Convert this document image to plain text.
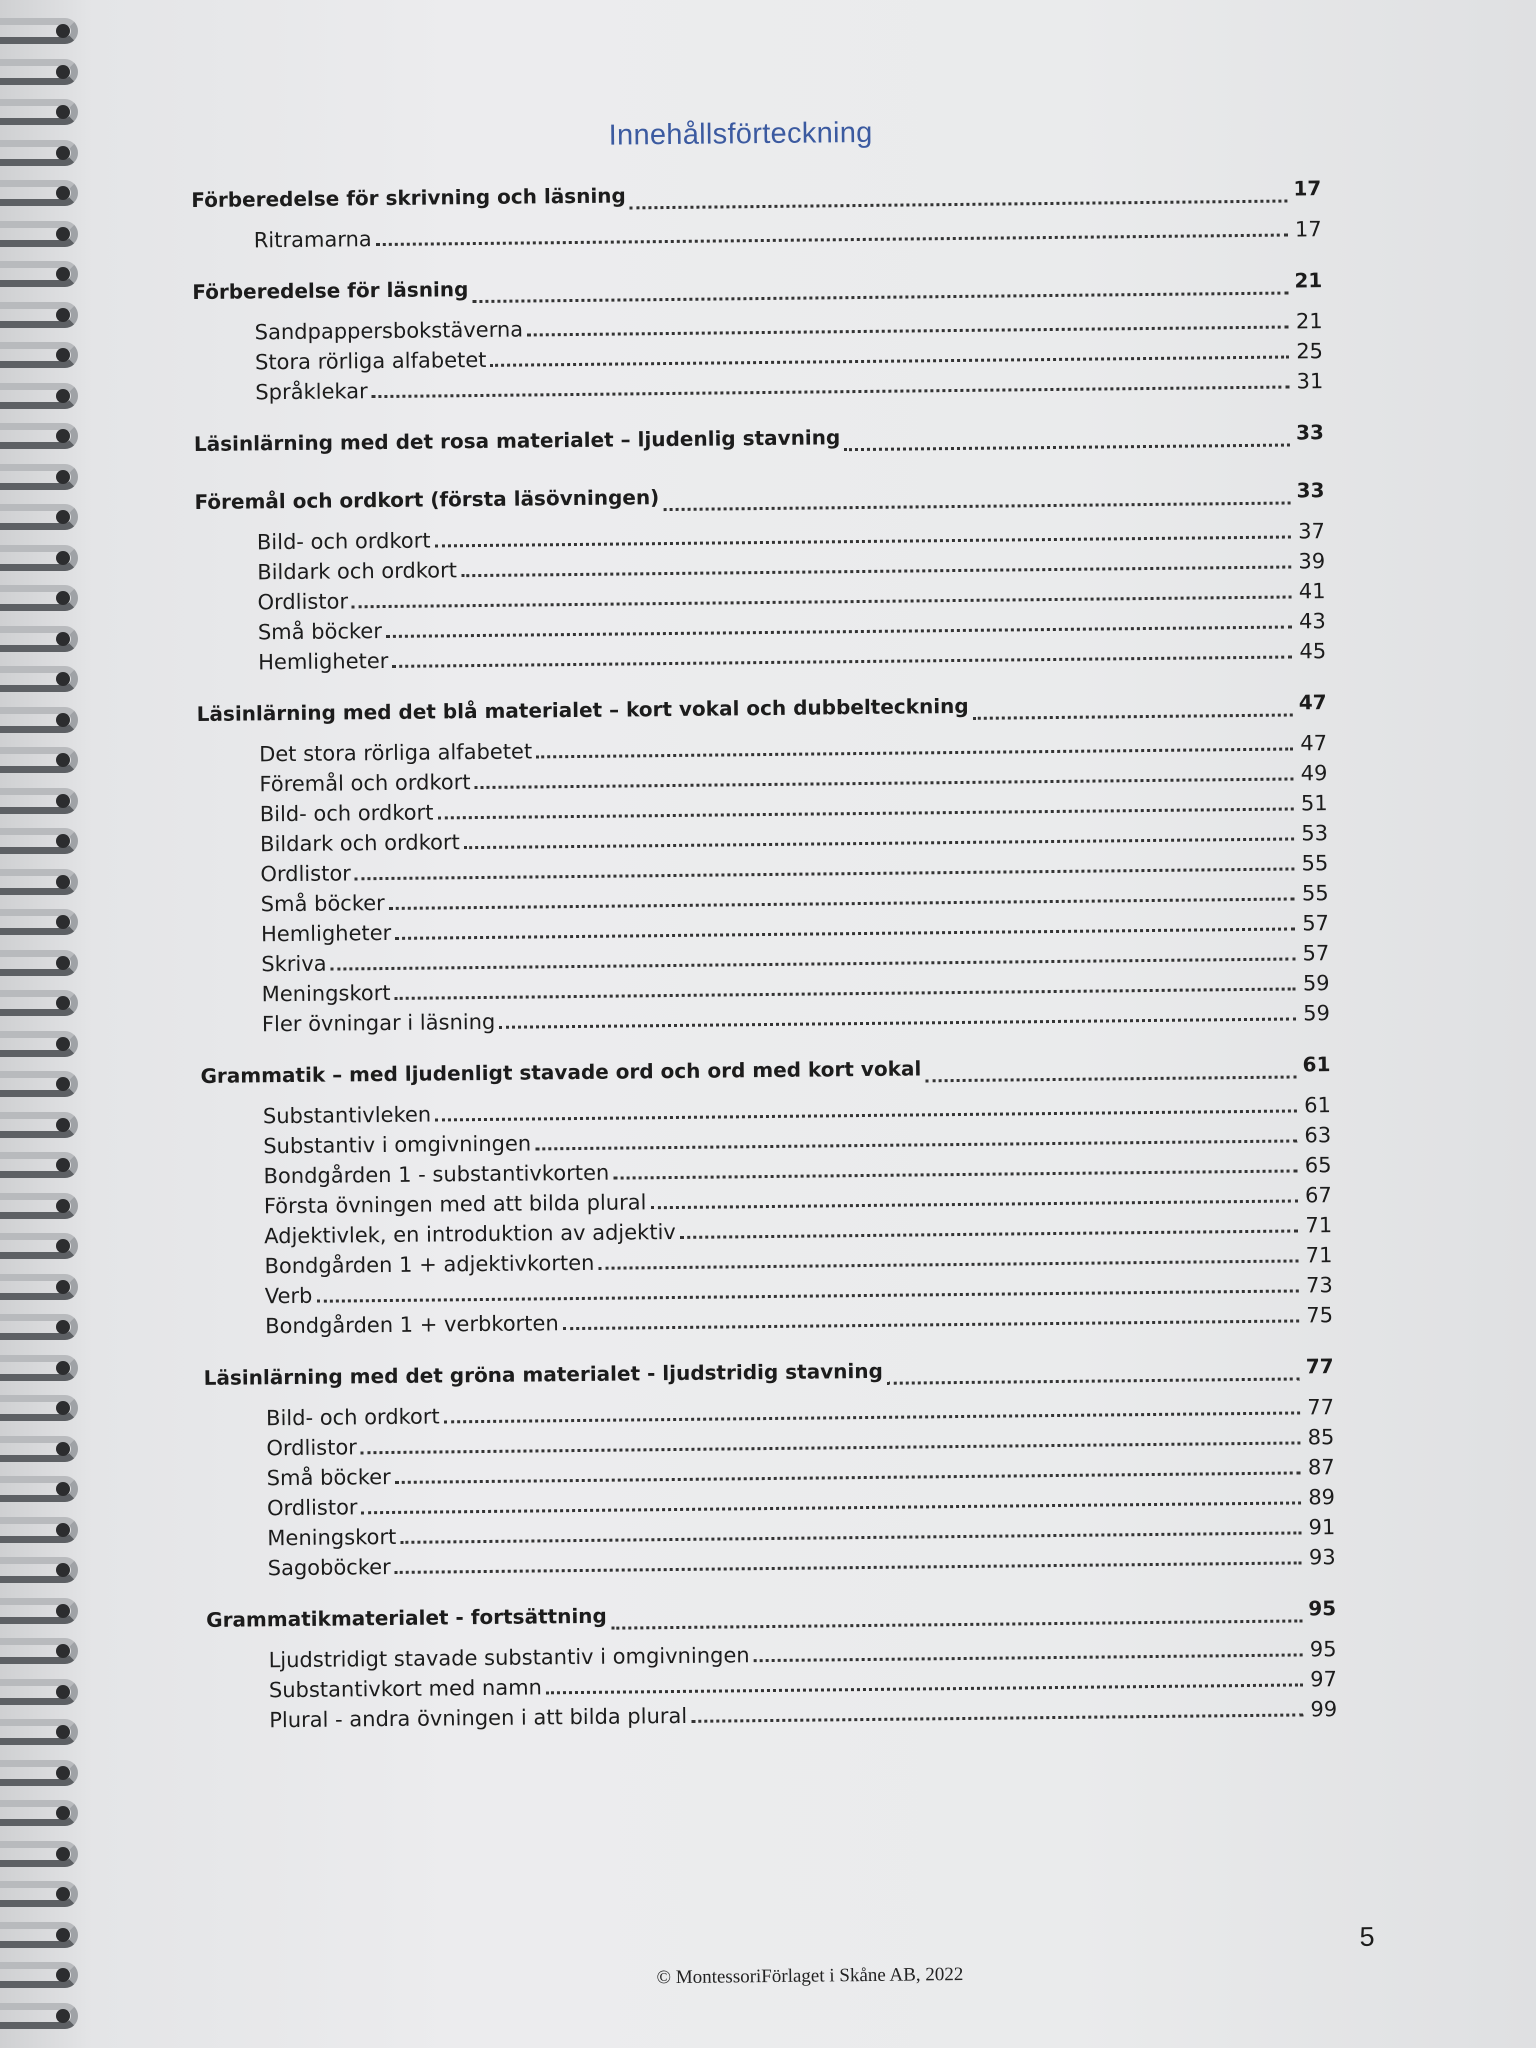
Innehållsförteckning
Förberedelse för skrivning och läsning	17
Ritramarna	17
Förberedelse för läsning	21
Sandpappersbokstäverna	21
Stora rörliga alfabetet	25
Språklekar	31
Läsinlärning med det rosa materialet – ljudenlig stavning	33
Föremål och ordkort (första läsövningen)	33
Bild- och ordkort	37
Bildark och ordkort	39
Ordlistor	41
Små böcker	43
Hemligheter	45
Läsinlärning med det blå materialet – kort vokal och dubbelteckning	47
Det stora rörliga alfabetet	47
Föremål och ordkort	49
Bild- och ordkort	51
Bildark och ordkort	53
Ordlistor	55
Små böcker	55
Hemligheter	57
Skriva	57
Meningskort	59
Fler övningar i läsning	59
Grammatik – med ljudenligt stavade ord och ord med kort vokal	61
Substantivleken	61
Substantiv i omgivningen	63
Bondgården 1 - substantivkorten	65
Första övningen med att bilda plural	67
Adjektivlek, en introduktion av adjektiv	71
Bondgården 1 + adjektivkorten	71
Verb	73
Bondgården 1 + verbkorten	75
Läsinlärning med det gröna materialet - ljudstridig stavning	77
Bild- och ordkort	77
Ordlistor	85
Små böcker	87
Ordlistor	89
Meningskort	91
Sagoböcker	93
Grammatikmaterialet - fortsättning	95
Ljudstridigt stavade substantiv i omgivningen	95
Substantivkort med namn	97
Plural - andra övningen i att bilda plural	99
5
© MontessoriFörlaget i Skåne AB, 2022
